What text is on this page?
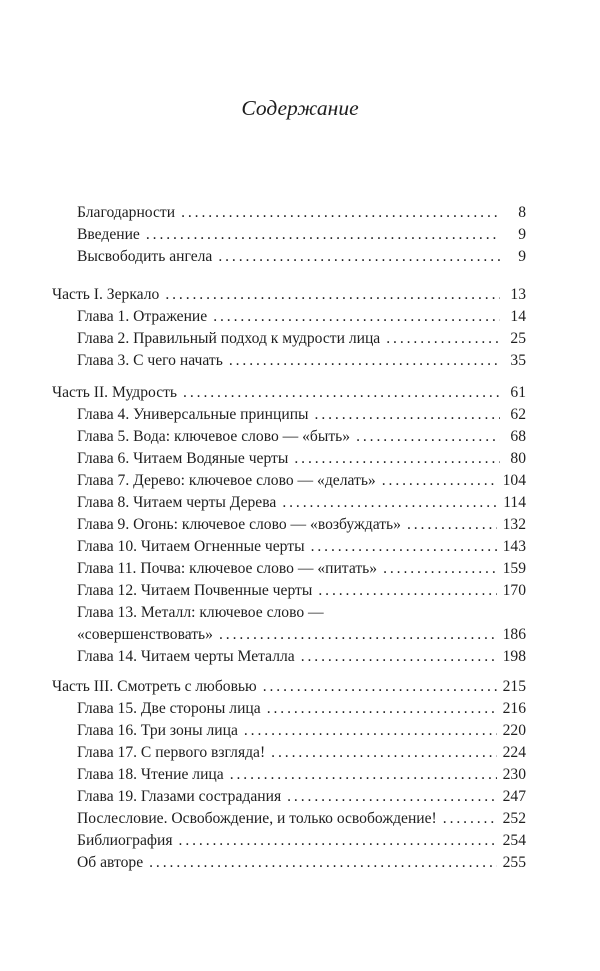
Содержание
Благодарности . . .	8
Введение . . .	9
Высвободить ангела . . .	9
Часть I. Зеркало . . .	13
Глава 1. Отражение . . .	14
Глава 2. Правильный подход к мудрости лица . . .	25
Глава 3. С чего начать . . .	35
Часть II. Мудрость . . .	61
Глава 4. Универсальные принципы . . .	62
Глава 5. Вода: ключевое слово — «быть» . . .	68
Глава 6. Читаем Водяные черты . . .	80
Глава 7. Дерево: ключевое слово — «делать» . . .	104
Глава 8. Читаем черты Дерева . . .	114
Глава 9. Огонь: ключевое слово — «возбуждать» . . .	132
Глава 10. Читаем Огненные черты . . .	143
Глава 11. Почва: ключевое слово — «питать» . . .	159
Глава 12. Читаем Почвенные черты . . .	170
Глава 13. Металл: ключевое слово —
«совершенствовать» . . .	186
Глава 14. Читаем черты Металла . . .	198
Часть III. Смотреть с любовью . . .	215
Глава 15. Две стороны лица . . .	216
Глава 16. Три зоны лица . . .	220
Глава 17. С первого взгляда! . . .	224
Глава 18. Чтение лица . . .	230
Глава 19. Глазами сострадания . . .	247
Послесловие. Освобождение, и только освобождение! . . .	252
Библиография . . .	254
Об авторе . . .	255
